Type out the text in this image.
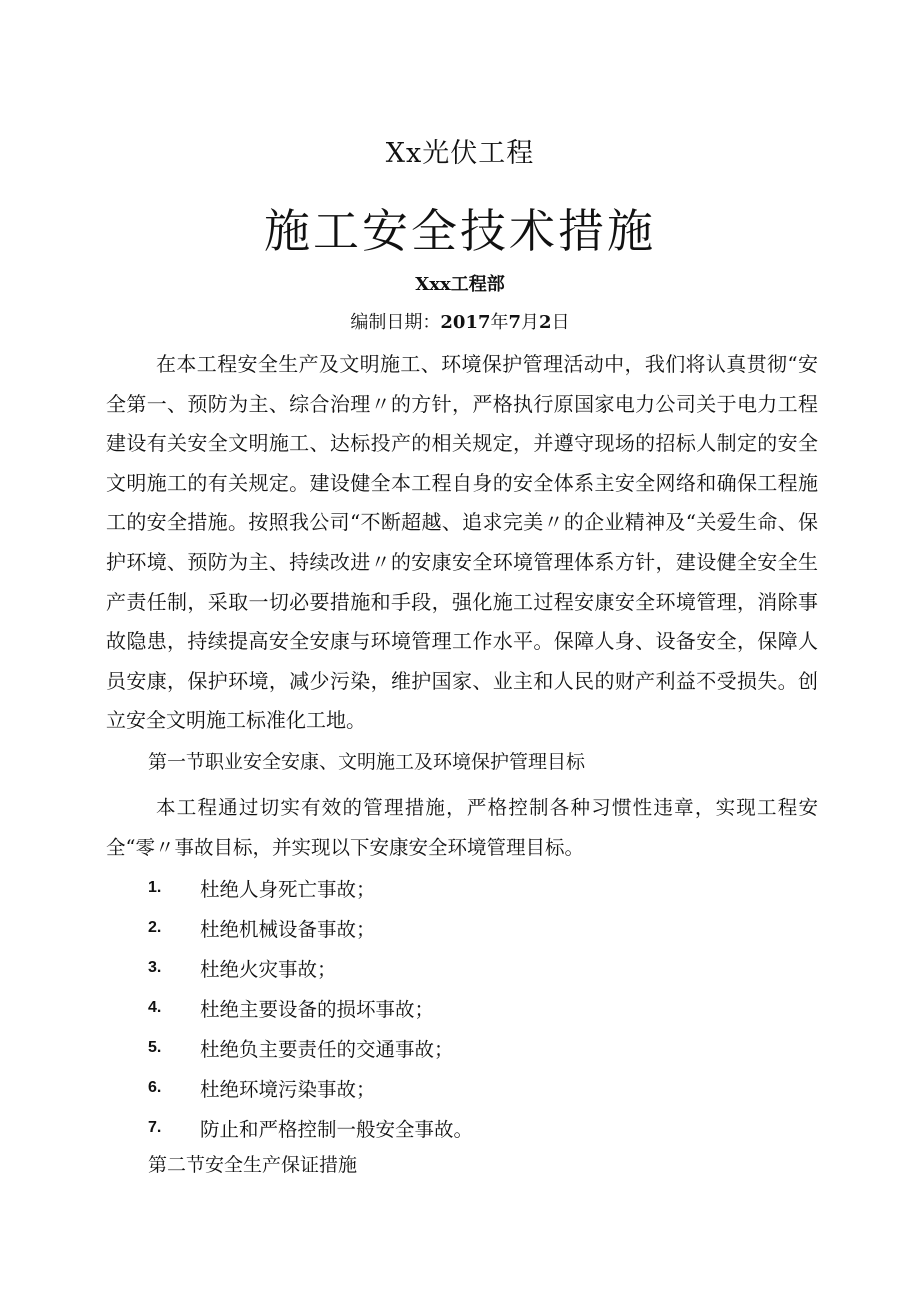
Xx光伏工程
施工安全技术措施
Xxx工程部
编制日期：2017年7月2日

在本工程安全生产及文明施工、环境保护管理活动中，我们将认真贯彻“安全第一、预防为主、综合治理〃的方针，严格执行原国家电力公司关于电力工程建设有关安全文明施工、达标投产的相关规定，并遵守现场的招标人制定的安全文明施工的有关规定。建设健全本工程自身的安全体系主安全网络和确保工程施工的安全措施。按照我公司“不断超越、追求完美〃的企业精神及“关爱生命、保护环境、预防为主、持续改进〃的安康安全环境管理体系方针，建设健全安全生产责任制，采取一切必要措施和手段，强化施工过程安康安全环境管理，消除事故隐患，持续提高安全安康与环境管理工作水平。保障人身、设备安全，保障人员安康，保护环境，减少污染，维护国家、业主和人民的财产利益不受损失。创立安全文明施工标准化工地。

第一节职业安全安康、文明施工及环境保护管理目标

本工程通过切实有效的管理措施，严格控制各种习惯性违章，实现工程安全“零〃事故目标，并实现以下安康安全环境管理目标。

1.	杜绝人身死亡事故；
2.	杜绝机械设备事故；
3.	杜绝火灾事故；
4.	杜绝主要设备的损坏事故；
5.	杜绝负主要责任的交通事故；
6.	杜绝环境污染事故；
7.	防止和严格控制一般安全事故。

第二节安全生产保证措施
